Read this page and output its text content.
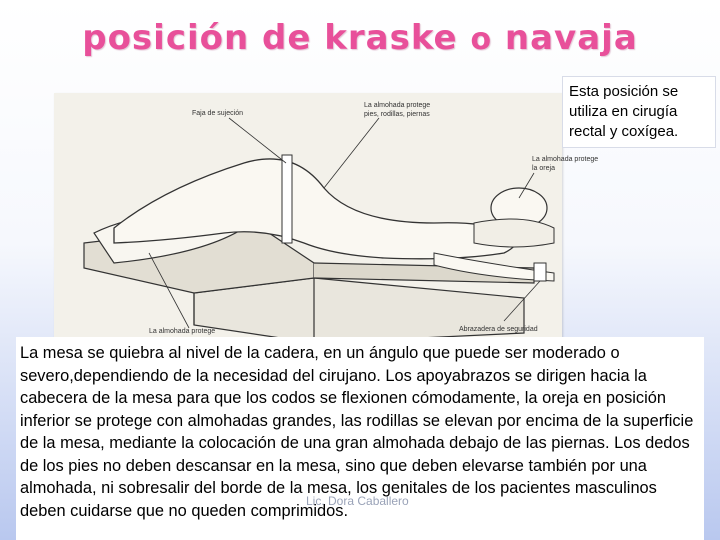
posición de kraske o navaja
Faja de sujeción
La almohada protege
pies, rodillas, piernas
La almohada protege
la oreja
La almohada protege	Abrazadera de seguridad
Esta posición se utiliza en cirugía rectal y coxígea.

La mesa se quiebra al nivel de la cadera, en un ángulo que puede ser moderado o severo,dependiendo de la necesidad del cirujano. Los apoyabrazos se dirigen hacia la cabecera de la mesa para que los codos se flexionen cómodamente, la oreja en posición inferior se protege con almohadas grandes, las rodillas se elevan por encima de la superficie de la mesa, mediante la colocación de una gran almohada debajo de las piernas. Los dedos de los pies no deben descansar en la mesa, sino que deben elevarse también por una almohada, ni sobresalir del borde de la mesa, los genitales de los pacientes masculinos deben cuidarse que no queden comprimidos.

Lic. Dora Caballero
